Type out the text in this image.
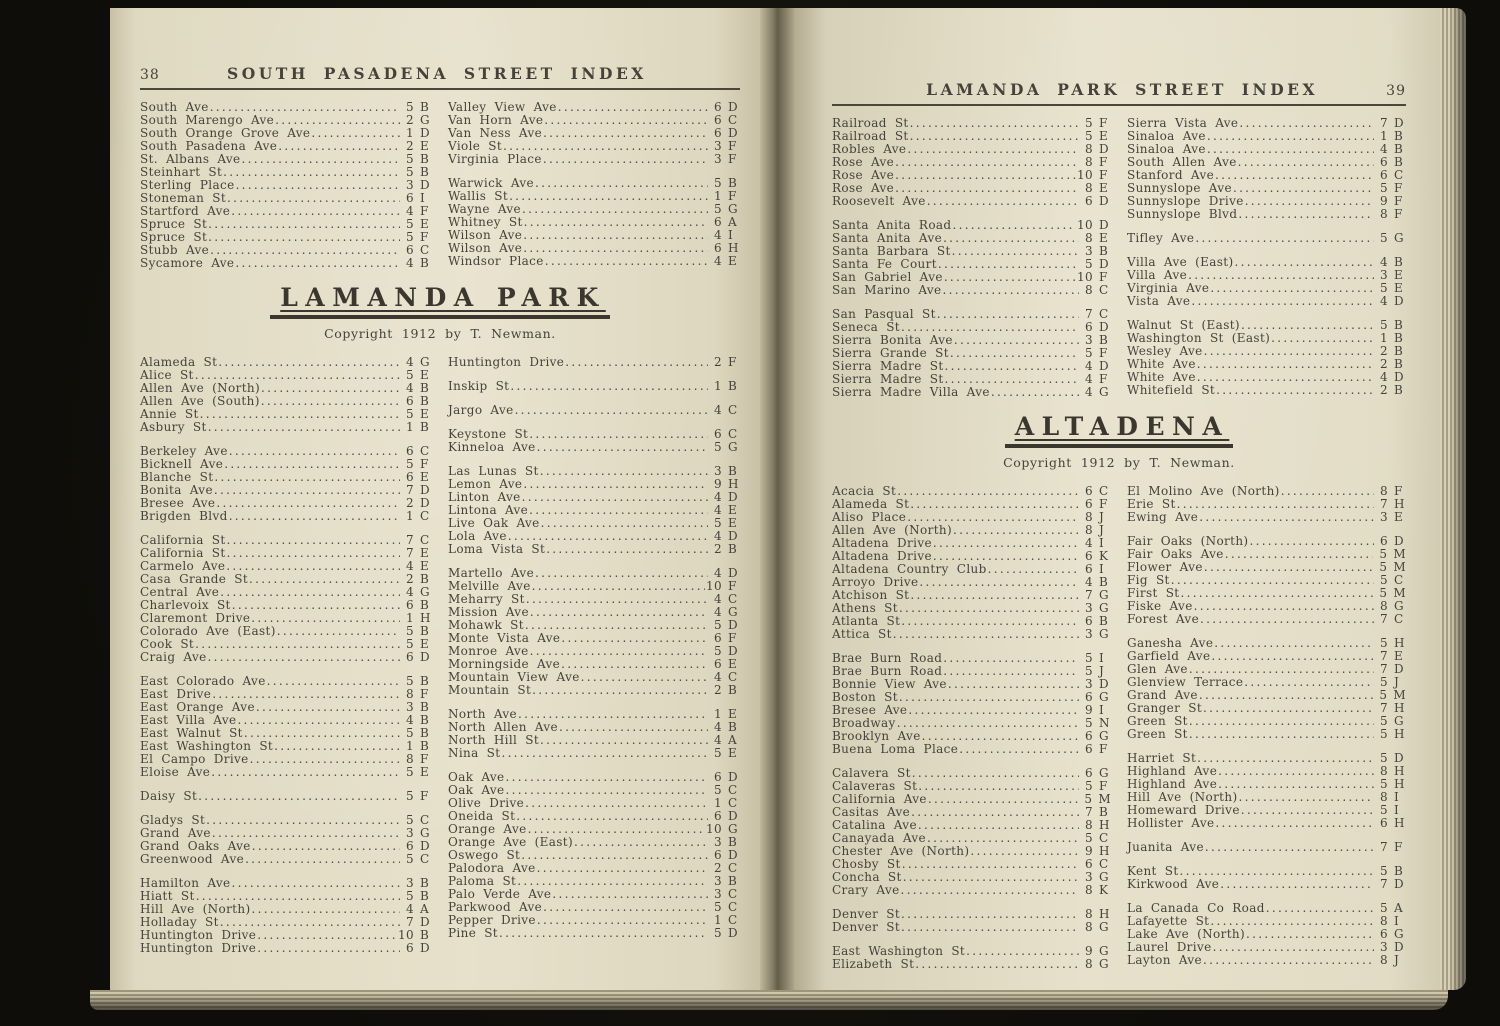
38	SOUTH PASADENA STREET INDEX
South Ave .....	5 B
South Marengo Ave .....	2 G
South Orange Grove Ave .....	1 D
South Pasadena Ave .....	2 E
St. Albans Ave .....	5 B
Steinhart St .....	5 B
Sterling Place .....	3 D
Stoneman St .....	6 I
Startford Ave .....	4 F
Spruce St .....	5 E
Spruce St .....	5 F
Stubb Ave .....	6 C
Sycamore Ave .....	4 B
Valley View Ave .....	6 D
Van Horn Ave .....	6 C
Van Ness Ave .....	6 D
Viole St .....	3 F
Virginia Place .....	3 F
Warwick Ave .....	5 B
Wallis St .....	1 F
Wayne Ave .....	5 G
Whitney St .....	6 A
Wilson Ave .....	4 I
Wilson Ave .....	6 H
Windsor Place .....	4 E
LAMANDA PARK
Copyright 1912 by T. Newman.
Alameda St .....	4 G
Alice St .....	5 E
Allen Ave (North) .....	4 B
Allen Ave (South) .....	6 B
Annie St .....	5 E
Asbury St .....	1 B
Berkeley Ave .....	6 C
Bicknell Ave .....	5 F
Blanche St .....	6 E
Bonita Ave .....	7 D
Bresee Ave .....	2 D
Brigden Blvd .....	1 C
California St .....	7 C
California St .....	7 E
Carmelo Ave .....	4 E
Casa Grande St .....	2 B
Central Ave .....	4 G
Charlevoix St .....	6 B
Claremont Drive .....	1 H
Colorado Ave (East) .....	5 B
Cook St .....	5 E
Craig Ave .....	6 D
East Colorado Ave .....	5 B
East Drive .....	8 F
East Orange Ave .....	3 B
East Villa Ave .....	4 B
East Walnut St .....	5 B
East Washington St .....	1 B
El Campo Drive .....	8 F
Eloise Ave .....	5 E
Daisy St .....	5 F
Gladys St .....	5 C
Grand Ave .....	3 G
Grand Oaks Ave .....	6 D
Greenwood Ave .....	5 C
Hamilton Ave .....	3 B
Hiatt St .....	5 B
Hill Ave (North) .....	4 A
Holladay St .....	7 D
Huntington Drive .....	10 B
Huntington Drive .....	6 D
Huntington Drive .....	2 F
Inskip St .....	1 B
Jargo Ave .....	4 C
Keystone St .....	6 C
Kinneloa Ave .....	5 G
Las Lunas St .....	3 B
Lemon Ave .....	9 H
Linton Ave .....	4 D
Lintona Ave .....	4 E
Live Oak Ave .....	5 E
Lola Ave .....	4 D
Loma Vista St .....	2 B
Martello Ave .....	4 D
Melville Ave .....	10 F
Meharry St .....	4 C
Mission Ave .....	4 G
Mohawk St .....	5 D
Monte Vista Ave .....	6 F
Monroe Ave .....	5 D
Morningside Ave .....	6 E
Mountain View Ave .....	4 C
Mountain St .....	2 B
North Ave .....	1 E
North Allen Ave .....	4 B
North Hill St .....	4 A
Nina St .....	5 E
Oak Ave .....	6 D
Oak Ave .....	5 C
Olive Drive .....	1 C
Oneida St .....	6 D
Orange Ave .....	10 G
Orange Ave (East) .....	3 B
Oswego St .....	6 D
Palodora Ave .....	2 C
Paloma St .....	3 B
Palo Verde Ave .....	3 C
Parkwood Ave .....	5 C
Pepper Drive .....	1 C
Pine St .....	5 D
LAMANDA PARK STREET INDEX	39
Railroad St .....	5 F
Railroad St .....	5 E
Robles Ave .....	8 D
Rose Ave .....	8 F
Rose Ave .....	10 F
Rose Ave .....	8 E
Roosevelt Ave .....	6 D
Santa Anita Road .....	10 D
Santa Anita Ave .....	8 E
Santa Barbara St .....	3 B
Santa Fe Court .....	5 D
San Gabriel Ave .....	10 F
San Marino Ave .....	8 C
San Pasqual St .....	7 C
Seneca St .....	6 D
Sierra Bonita Ave .....	3 B
Sierra Grande St .....	5 F
Sierra Madre St .....	4 D
Sierra Madre St .....	4 F
Sierra Madre Villa Ave .....	4 G
Sierra Vista Ave .....	7 D
Sinaloa Ave .....	1 B
Sinaloa Ave .....	4 B
South Allen Ave .....	6 B
Stanford Ave .....	6 C
Sunnyslope Ave .....	5 F
Sunnyslope Drive .....	9 F
Sunnyslope Blvd .....	8 F
Tifley Ave .....	5 G
Villa Ave (East) .....	4 B
Villa Ave .....	3 E
Virginia Ave .....	5 E
Vista Ave .....	4 D
Walnut St (East) .....	5 B
Washington St (East) .....	1 B
Wesley Ave .....	2 B
White Ave .....	2 B
White Ave .....	4 D
Whitefield St .....	2 B
ALTADENA
Copyright 1912 by T. Newman.
Acacia St .....	6 C
Alameda St .....	6 F
Aliso Place .....	8 J
Allen Ave (North) .....	8 J
Altadena Drive .....	4 I
Altadena Drive .....	6 K
Altadena Country Club .....	6 I
Arroyo Drive .....	4 B
Atchison St .....	7 G
Athens St .....	3 G
Atlanta St .....	6 B
Attica St .....	3 G
Brae Burn Road .....	5 I
Brae Burn Road .....	5 J
Bonnie View Ave .....	3 D
Boston St .....	6 G
Bresee Ave .....	9 I
Broadway .....	5 N
Brooklyn Ave .....	6 G
Buena Loma Place .....	6 F
Calavera St .....	6 G
Calaveras St .....	5 F
California Ave .....	5 M
Casitas Ave .....	7 B
Catalina Ave .....	8 H
Canayada Ave .....	5 C
Chester Ave (North) .....	9 H
Chosby St .....	6 C
Concha St .....	3 G
Crary Ave .....	8 K
Denver St .....	8 H
Denver St .....	8 G
East Washington St .....	9 G
Elizabeth St .....	8 G
El Molino Ave (North) .....	8 F
Erie St .....	7 H
Ewing Ave .....	3 E
Fair Oaks (North) .....	6 D
Fair Oaks Ave .....	5 M
Flower Ave .....	5 M
Fig St .....	5 C
First St .....	5 M
Fiske Ave .....	8 G
Forest Ave .....	7 C
Ganesha Ave .....	5 H
Garfield Ave .....	7 E
Glen Ave .....	7 D
Glenview Terrace .....	5 J
Grand Ave .....	5 M
Granger St .....	7 H
Green St .....	5 G
Green St .....	5 H
Harriet St .....	5 D
Highland Ave .....	8 H
Highland Ave .....	5 H
Hill Ave (North) .....	8 I
Homeward Drive .....	5 I
Hollister Ave .....	6 H
Juanita Ave .....	7 F
Kent St .....	5 B
Kirkwood Ave .....	7 D
La Canada Co Road .....	5 A
Lafayette St .....	8 I
Lake Ave (North) .....	6 G
Laurel Drive .....	3 D
Layton Ave .....	8 J
